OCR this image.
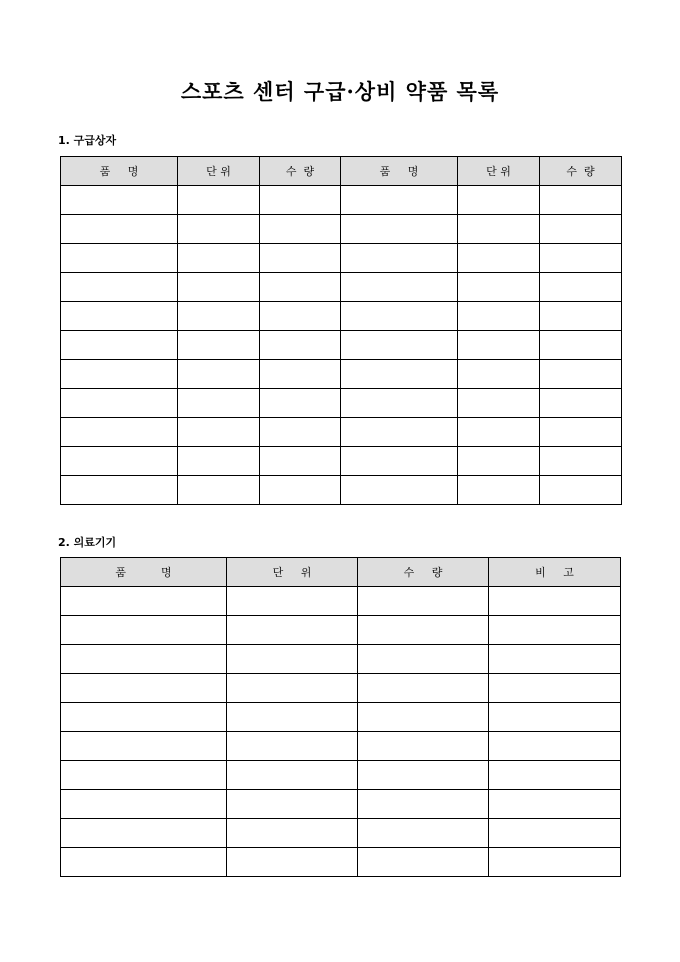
스포츠 센터 구급·상비 약품 목록
1. 구급상자
품     명	단 위	수  량	품     명	단 위	수  량

2. 의료기기
품          명	단     위	수     량	비     고
